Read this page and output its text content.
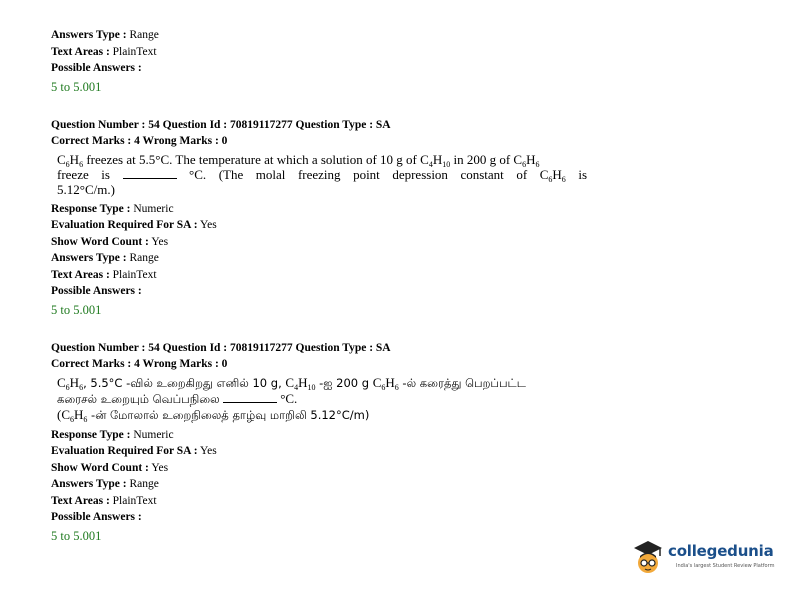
Answers Type : Range
Text Areas : PlainText
Possible Answers :
5 to 5.001
Question Number : 54 Question Id : 70819117277 Question Type : SA
Correct Marks : 4 Wrong Marks : 0
$C_6H_6$ freezes at 5.5°C. The temperature at which a solution of 10 g of $C_4H_{10}$ in 200 g of $C_6H_6$
freeze is	°C. (The molal freezing point depression constant of $C_6H_6$ is
5.12°C/m.)
Response Type : Numeric
Evaluation Required For SA : Yes
Show Word Count : Yes
Answers Type : Range
Text Areas : PlainText
Possible Answers :
5 to 5.001
Question Number : 54 Question Id : 70819117277 Question Type : SA
Correct Marks : 4 Wrong Marks : 0
$C_6H_6$, 5.5°C -வில் உறைகிறது எனில் 10 g, $C_4H_{10}$ -ஐ 200 g $C_6H_6$ -ல் கரைத்து பெறப்பட்ட
கரைசல் உறையும் வெப்பநிலை	°C.
($C_6H_6$ -ன் மோலால் உறைநிலைத் தாழ்வு மாறிலி 5.12°C/m)
Response Type : Numeric
Evaluation Required For SA : Yes
Show Word Count : Yes
Answers Type : Range
Text Areas : PlainText
Possible Answers :
5 to 5.001
collegedunia
India's largest Student Review Platform
